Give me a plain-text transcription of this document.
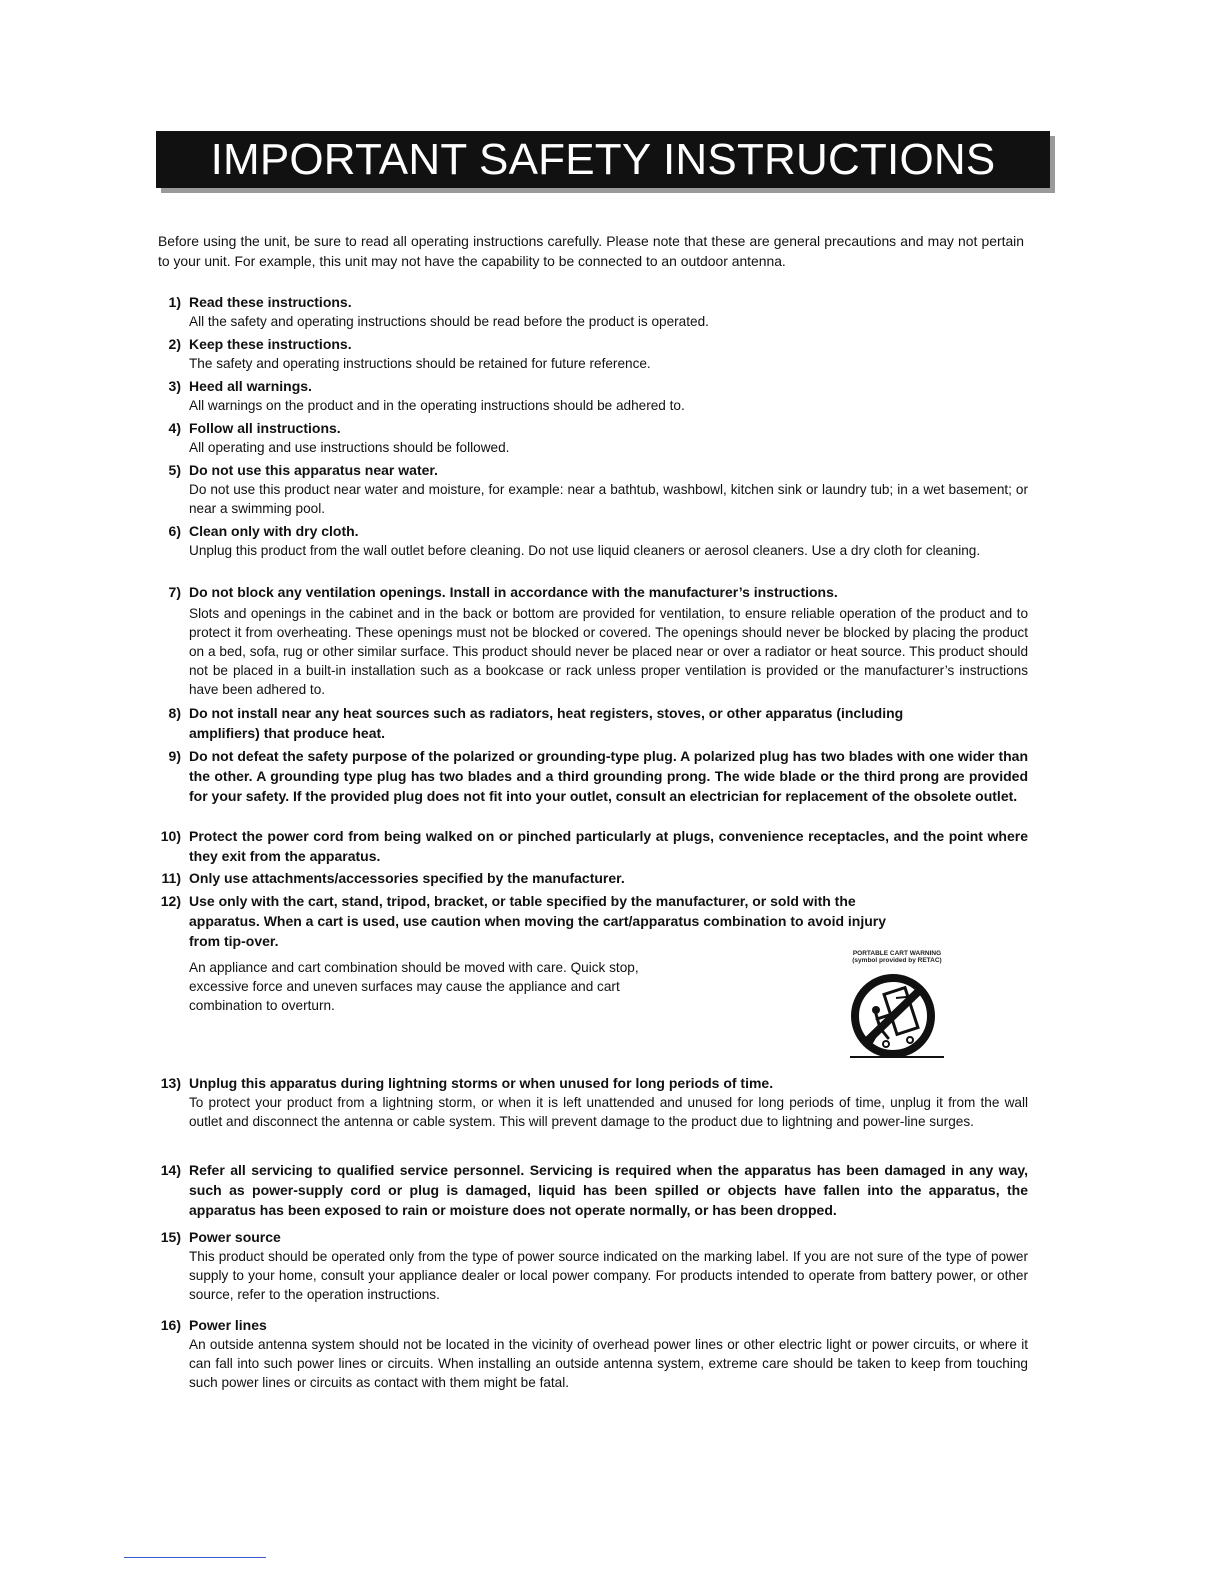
IMPORTANT SAFETY INSTRUCTIONS
Before using the unit, be sure to read all operating instructions carefully. Please note that these are general precautions and may not pertain to your unit. For example, this unit may not have the capability to be connected to an outdoor antenna.
1) Read these instructions.
All the safety and operating instructions should be read before the product is operated.
2) Keep these instructions.
The safety and operating instructions should be retained for future reference.
3) Heed all warnings.
All warnings on the product and in the operating instructions should be adhered to.
4) Follow all instructions.
All operating and use instructions should be followed.
5) Do not use this apparatus near water.
Do not use this product near water and moisture, for example: near a bathtub, washbowl, kitchen sink or laundry tub; in a wet basement; or near a swimming pool.
6) Clean only with dry cloth.
Unplug this product from the wall outlet before cleaning. Do not use liquid cleaners or aerosol cleaners. Use a dry cloth for cleaning.
7) Do not block any ventilation openings. Install in accordance with the manufacturer’s instructions.
Slots and openings in the cabinet and in the back or bottom are provided for ventilation, to ensure reliable operation of the product and to protect it from overheating. These openings must not be blocked or covered. The openings should never be blocked by placing the product on a bed, sofa, rug or other similar surface. This product should never be placed near or over a radiator or heat source. This product should not be placed in a built-in installation such as a bookcase or rack unless proper ventilation is provided or the manufacturer’s instructions have been adhered to.
8) Do not install near any heat sources such as radiators, heat registers, stoves, or other apparatus (including amplifiers) that produce heat.
9) Do not defeat the safety purpose of the polarized or grounding-type plug. A polarized plug has two blades with one wider than the other. A grounding type plug has two blades and a third grounding prong. The wide blade or the third prong are provided for your safety. If the provided plug does not fit into your outlet, consult an electrician for replacement of the obsolete outlet.
10) Protect the power cord from being walked on or pinched particularly at plugs, convenience receptacles, and the point where they exit from the apparatus.
11) Only use attachments/accessories specified by the manufacturer.
12) Use only with the cart, stand, tripod, bracket, or table specified by the manufacturer, or sold with the apparatus. When a cart is used, use caution when moving the cart/apparatus combination to avoid injury from tip-over.
13) Unplug this apparatus during lightning storms or when unused for long periods of time.
To protect your product from a lightning storm, or when it is left unattended and unused for long periods of time, unplug it from the wall outlet and disconnect the antenna or cable system. This will prevent damage to the product due to lightning and power-line surges.
14) Refer all servicing to qualified service personnel. Servicing is required when the apparatus has been damaged in any way, such as power-supply cord or plug is damaged, liquid has been spilled or objects have fallen into the apparatus, the apparatus has been exposed to rain or moisture does not operate normally, or has been dropped.
15) Power source
This product should be operated only from the type of power source indicated on the marking label. If you are not sure of the type of power supply to your home, consult your appliance dealer or local power company. For products intended to operate from battery power, or other source, refer to the operation instructions.
16) Power lines
An outside antenna system should not be located in the vicinity of overhead power lines or other electric light or power circuits, or where it can fall into such power lines or circuits. When installing an outside antenna system, extreme care should be taken to keep from touching such power lines or circuits as contact with them might be fatal.
An appliance and cart combination should be moved with care. Quick stop, excessive force and uneven surfaces may cause the appliance and cart combination to overturn.
PORTABLE CART WARNING
(symbol provided by RETAC)
